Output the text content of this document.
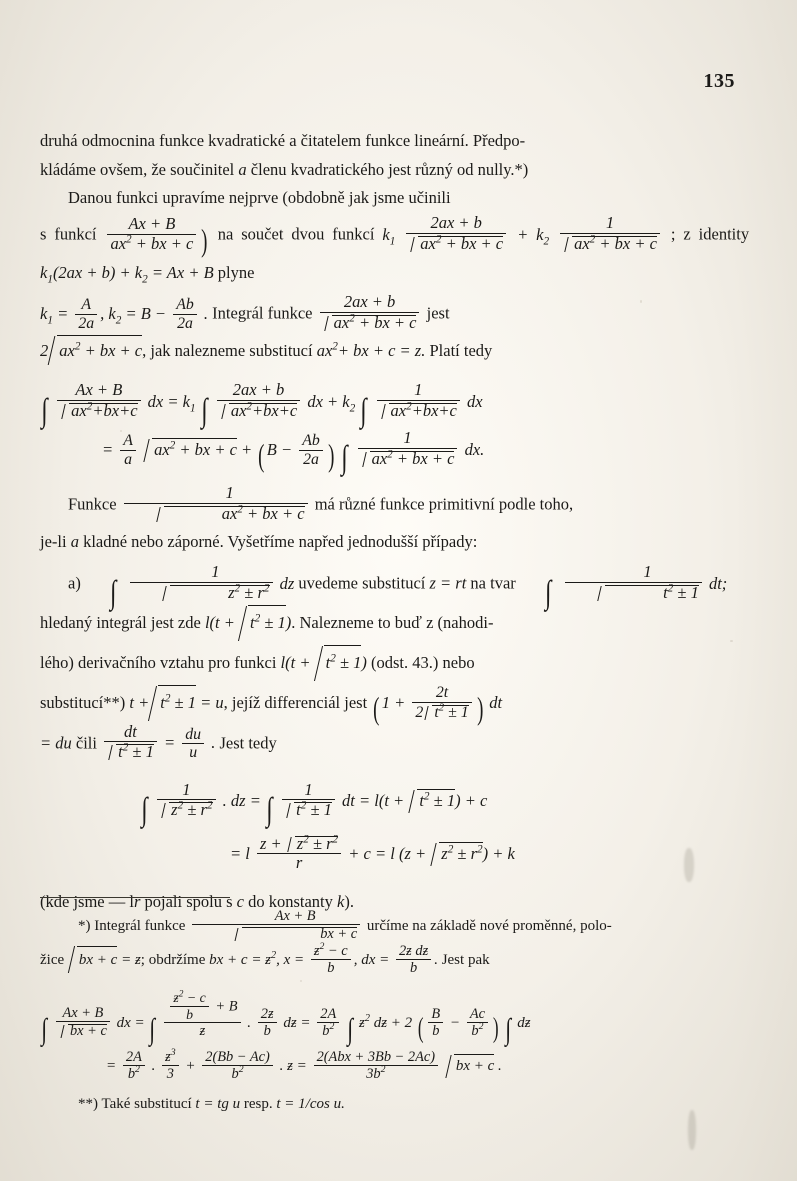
135

druhá odmocnina funkce kvadratické a čitatelem funkce lineární. Předpo-

kládáme ovšem, že součinitel a členu kvadratického jest různý od nully.*)

Danou funkci upravíme nejprve (obdobně jak jsme učinili

s funkcí $\frac{Ax + B}{ax^2 + bx + c}$ ) na součet dvou funkcí $k_1 \frac{2ax + b}{ax^2 + bx + c} + k_2 \frac{1}{ax^2 + bx + c}$ ; z identity $k_1(2ax + b) + k_2 = Ax + B$ plyne
$k_1 = \frac{A}{2a}$ , $k_2 = B - \frac{Ab}{2a}$ . Integrál funkce $\frac{2ax + b}{ax^2 + bx + c}$ jest
2 $ax^2$ + bx + c, jak nalezneme substitucí $ax^2+$ bx + c = z. Platí tedy
∫ $\frac{Ax + B}{ax^2+bx+c}$ dx = $k_1$ ∫ $\frac{2ax + b}{ax^2+bx+c}$ dx + $k_2$ ∫ $\frac{1}{ax^2+bx+c}$ dx
= $\frac{A}{a} ax^2$ + bx + c + ( $B - \frac{Ab}{2a}$ ) ∫ $\frac{1}{ax^2 + bx + c}$ dx.
Funkce $\frac{1}{ax^2 + bx + c}$ má různé funkce primitivní podle toho,

je-li a kladné nebo záporné. Vyšetříme napřed jednodušší případy:

a) ∫ $\frac{1}{z^2 \pm r^2}$ dz uvedeme substitucí z = rt na tvar ∫ $\frac{1}{t^2 \pm 1}$ dt;
hledaný integrál jest zde $l(t + t^2 \pm 1)$. Nalezneme to buď z (nahodi-
lého) derivačního vztahu pro funkci $l(t + t^2 \pm 1)$ (odst. 43.) nebo
substitucí**) $t + t^2 \pm 1 = u$, jejíž differenciál jest ( $1 + \frac{2t}{2 t^2 \pm 1}$ ) dt
= du čili $\frac{dt}{t^2 \pm 1} = \frac{du}{u}$ . Jest tedy
∫ $\frac{1}{z^2 \pm r^2}$ . dz = ∫ $\frac{1}{t^2 \pm 1}$ dt = $l(t + t^2 \pm 1) + c$
= l $\frac{z + z^2 \pm r^2}{r} + c = l$ $(z + z^2 \pm r^2) + k$

(kde jsme — lr pojali spolu s c do konstanty k).

*) Integrál funkce $\frac{Ax + B}{bx + c}$ určíme na základě nové proměnné, polo-
žice bx + c = ƶ; obdržíme bx + $c = ƶ^2$, $x = \frac{ƶ^2 - c}{b}$ , dx = $\frac{\text{2ƶ dƶ}}{b}$ . Jest pak
∫ $\frac{Ax + B}{bx + c}$ dx = ∫ $\frac{\frac{ƶ^2 - c}{b} + B}{ƶ}$ . $\frac{2ƶ}{b}$ dƶ = $\frac{2A}{b^2}$ ∫ $ƶ^2$ dƶ + 2 ( $\frac{B}{b} - \frac{Ac}{b^2}$ ) ∫ dƶ
= $\frac{2A}{b^2}$ . $\frac{ƶ^3}{3} + \frac{2(Bb - Ac)}{b^2}$ . ƶ = $\frac{\text{2(Abx + 3Bb − 2Ac)}}{3b^2}$ bx + c .
**) Také substitucí t = tg u resp. t = 1/cos u.
